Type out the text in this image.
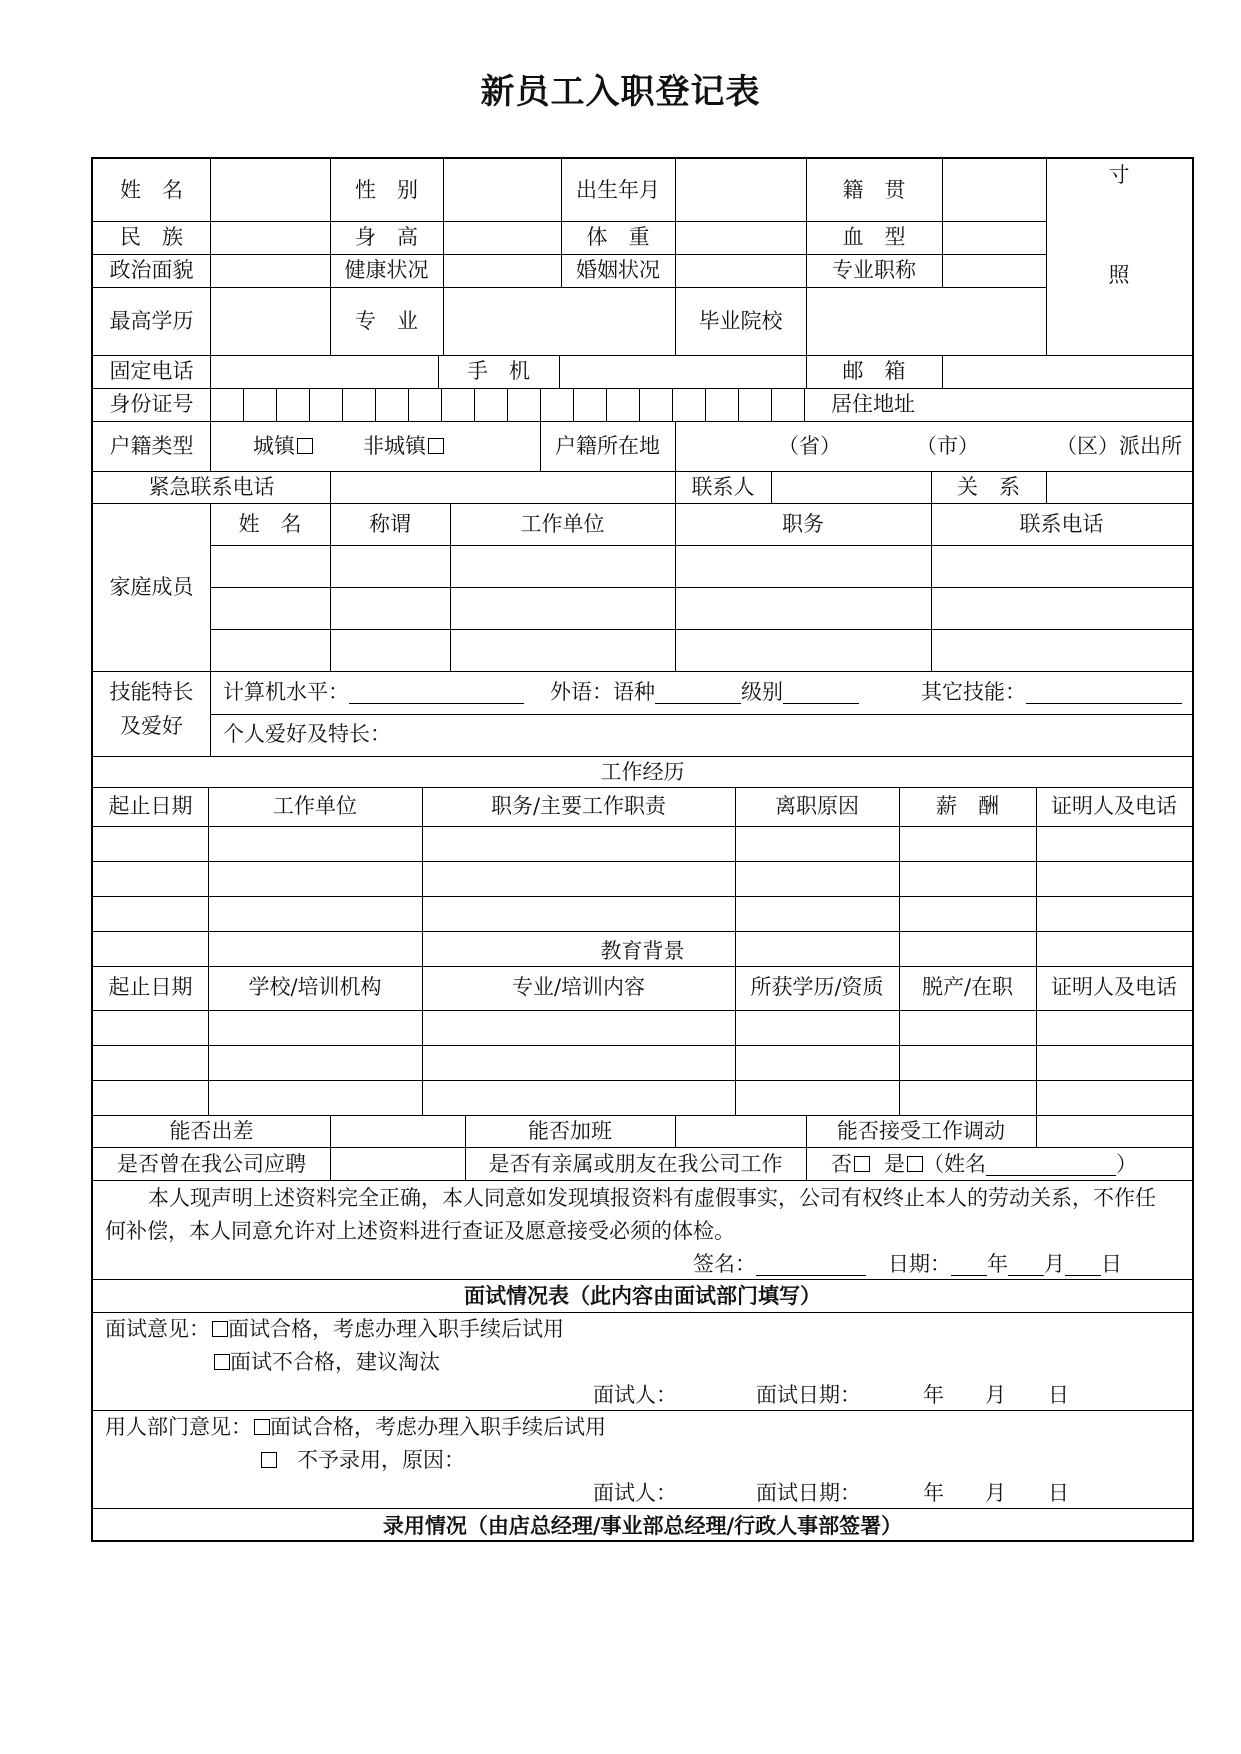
新员工入职登记表
姓　名	性　别	出生年月	籍　贯
寸
照
民　族	身　高	体　重	血　型
政治面貌	健康状况	婚姻状况	专业职称
最高学历	专　业	毕业院校
固定电话	手　机	邮　箱
身份证号	居住地址
户籍类型	城镇	非城镇	户籍所在地	（省）	（市）	（区）派出所
紧急联系电话	联系人	关　系
家庭成员
姓　名	称谓	工作单位	职务	联系电话
技能特长
及爱好
计算机水平：	外语：语种	级别	其它技能：
个人爱好及特长：
工作经历
起止日期	工作单位	职务/主要工作职责	离职原因	薪　酬	证明人及电话
教育背景
起止日期	学校/培训机构	专业/培训内容	所获学历/资质	脱产/在职	证明人及电话
能否出差	能否加班	能否接受工作调动
是否曾在我公司应聘	是否有亲属或朋友在我公司工作	否 是 （姓名	）
本人现声明上述资料完全正确，本人同意如发现填报资料有虚假事实，公司有权终止本人的劳动关系，不作任
何补偿，本人同意允许对上述资料进行查证及愿意接受必须的体检。
签名：	日期： 年 月 日
面试情况表（此内容由面试部门填写）
面试意见： 面试合格，考虑办理入职手续后试用
面试不合格，建议淘汰
面试人：	面试日期：	年 月 日
用人部门意见： 面试合格，考虑办理入职手续后试用
不予录用，原因：
面试人：	面试日期：	年 月 日
录用情况（由店总经理/事业部总经理/行政人事部签署）
